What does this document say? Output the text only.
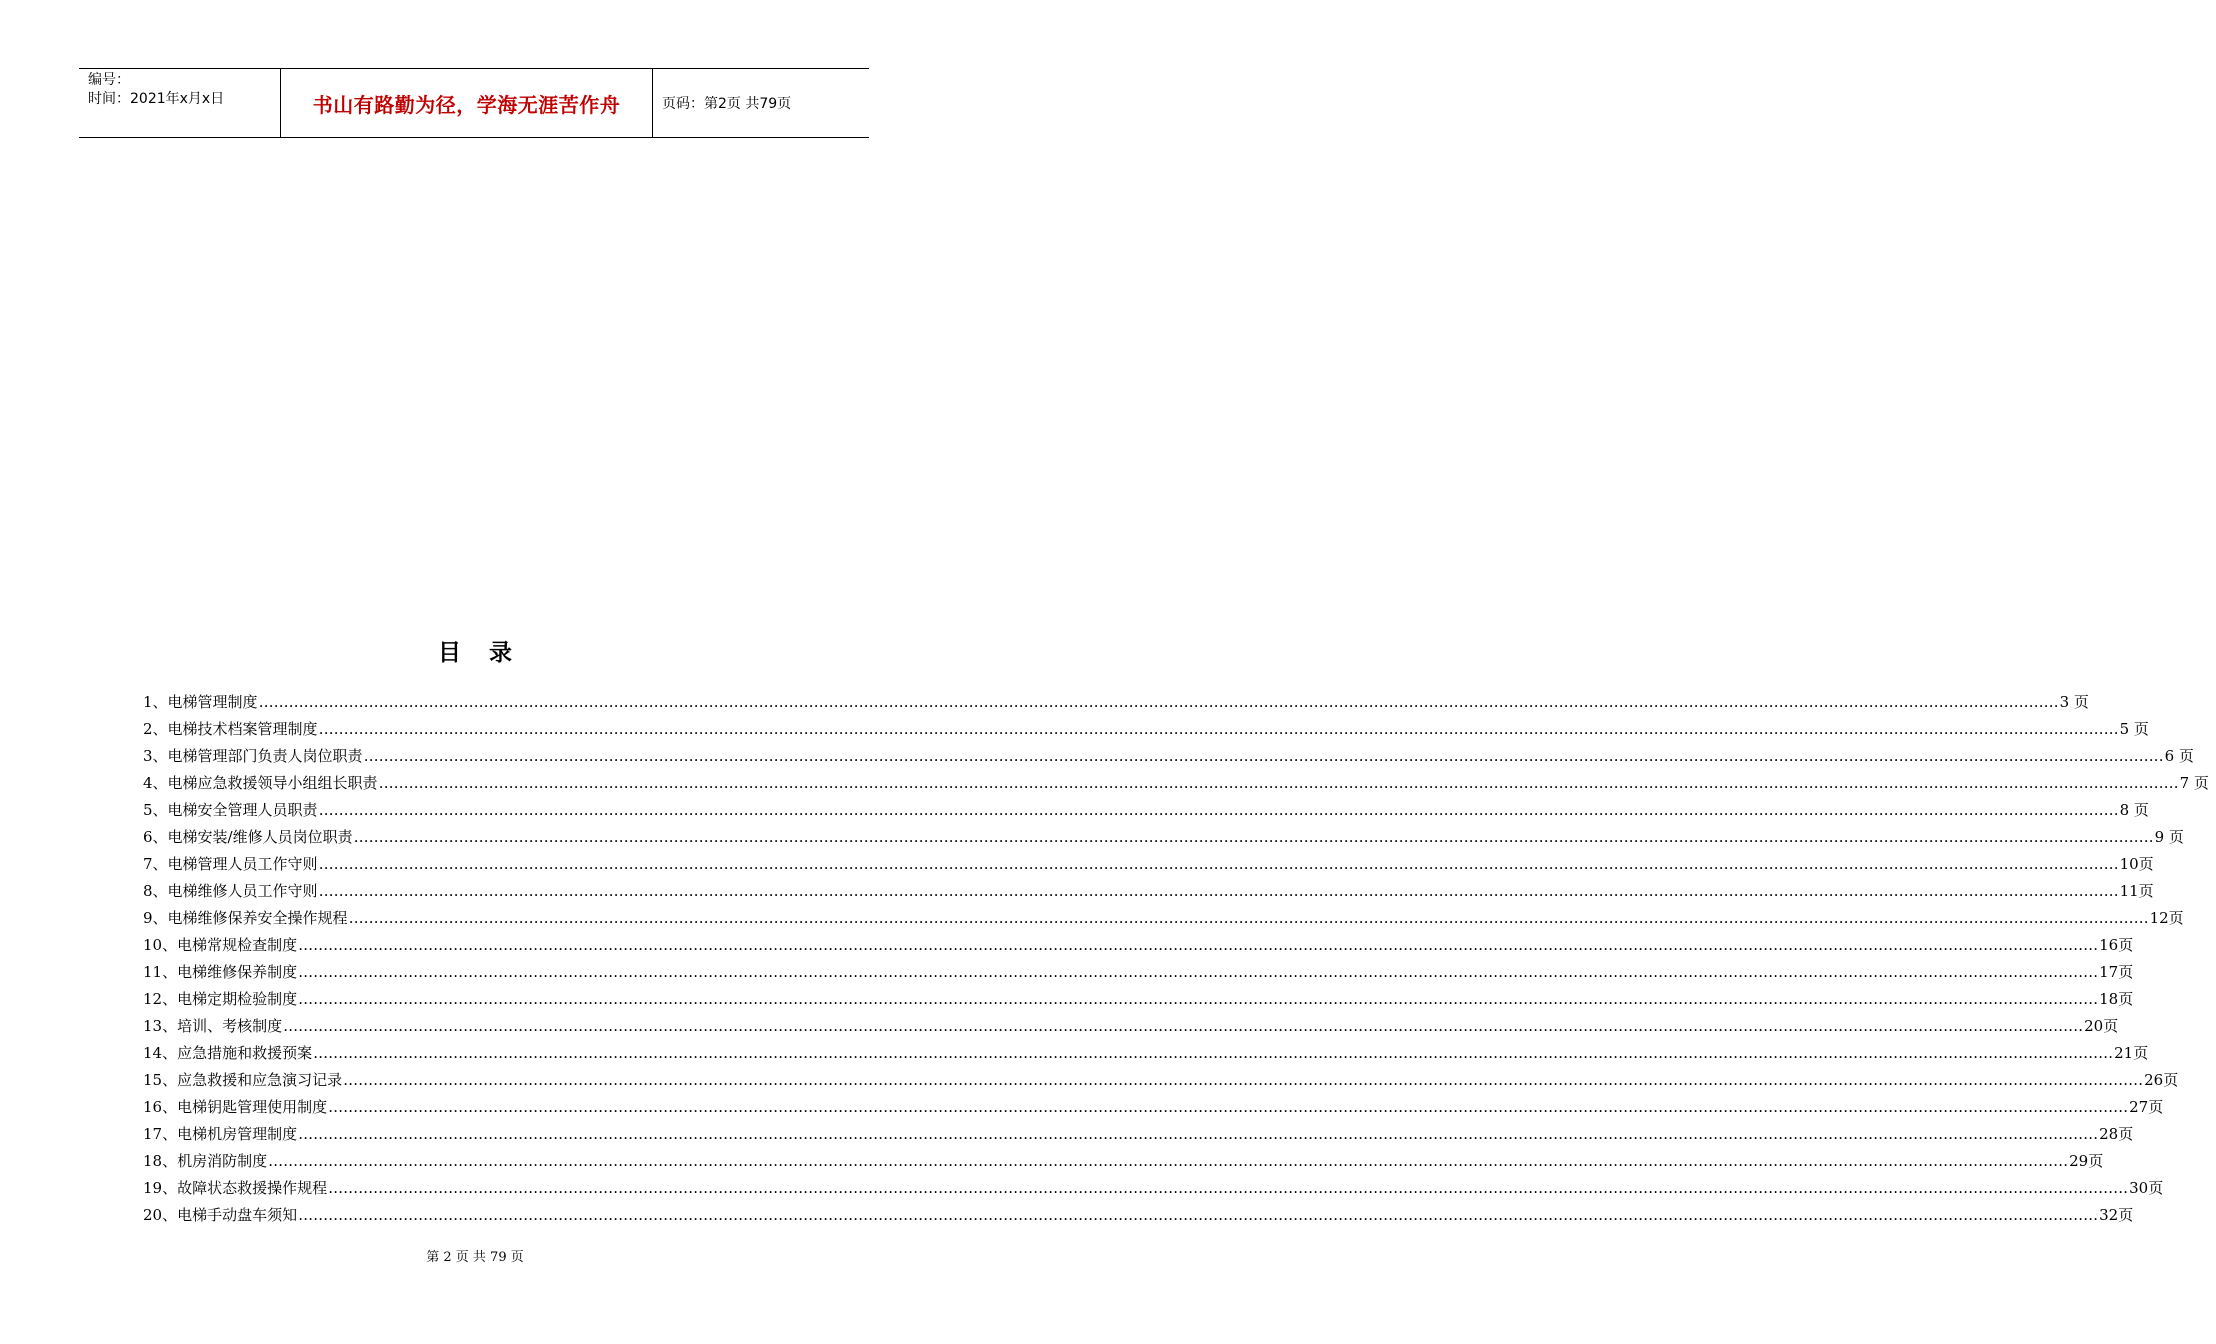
编号：
时间：2021年x月x日	书山有路勤为径，学海无涯苦作舟	页码：第2页 共79页
目录
1、 电梯管理制度 ……………………………………………………………………………………………………………………………………………………………………………………………………………………………………………………………………………………………………………………………… 3 页
2、 电梯技术档案管理制度 ……………………………………………………………………………………………………………………………………………………………………………………………………………………………………………………………………………………………………………………………… 5 页
3、 电梯管理部门负责人岗位职责 ……………………………………………………………………………………………………………………………………………………………………………………………………………………………………………………………………………………………………………………………… 6 页
4、 电梯应急救援领导小组组长职责 ……………………………………………………………………………………………………………………………………………………………………………………………………………………………………………………………………………………………………………………………… 7 页
5、 电梯安全管理人员职责 ……………………………………………………………………………………………………………………………………………………………………………………………………………………………………………………………………………………………………………………………… 8 页
6、 电梯安装/维修人员岗位职责 ……………………………………………………………………………………………………………………………………………………………………………………………………………………………………………………………………………………………………………………………… 9 页
7、 电梯管理人员工作守则 ……………………………………………………………………………………………………………………………………………………………………………………………………………………………………………………………………………………………………………………………… 10页
8、 电梯维修人员工作守则 ……………………………………………………………………………………………………………………………………………………………………………………………………………………………………………………………………………………………………………………………… 11页
9、 电梯维修保养安全操作规程 ……………………………………………………………………………………………………………………………………………………………………………………………………………………………………………………………………………………………………………………………… 12页
10、 电梯常规检查制度 ……………………………………………………………………………………………………………………………………………………………………………………………………………………………………………………………………………………………………………………………… 16页
11、 电梯维修保养制度 ……………………………………………………………………………………………………………………………………………………………………………………………………………………………………………………………………………………………………………………………… 17页
12、 电梯定期检验制度 ……………………………………………………………………………………………………………………………………………………………………………………………………………………………………………………………………………………………………………………………… 18页
13、 培训、考核制度 ……………………………………………………………………………………………………………………………………………………………………………………………………………………………………………………………………………………………………………………………… 20页
14、 应急措施和救援预案 ……………………………………………………………………………………………………………………………………………………………………………………………………………………………………………………………………………………………………………………………… 21页
15、 应急救援和应急演习记录 ……………………………………………………………………………………………………………………………………………………………………………………………………………………………………………………………………………………………………………………………… 26页
16、 电梯钥匙管理使用制度 ……………………………………………………………………………………………………………………………………………………………………………………………………………………………………………………………………………………………………………………………… 27页
17、 电梯机房管理制度 ……………………………………………………………………………………………………………………………………………………………………………………………………………………………………………………………………………………………………………………………… 28页
18、 机房消防制度 ……………………………………………………………………………………………………………………………………………………………………………………………………………………………………………………………………………………………………………………………… 29页
19、 故障状态救援操作规程 ……………………………………………………………………………………………………………………………………………………………………………………………………………………………………………………………………………………………………………………………… 30页
20、 电梯手动盘车须知 ……………………………………………………………………………………………………………………………………………………………………………………………………………………………………………………………………………………………………………………………… 32页
第 2 页 共 79 页
